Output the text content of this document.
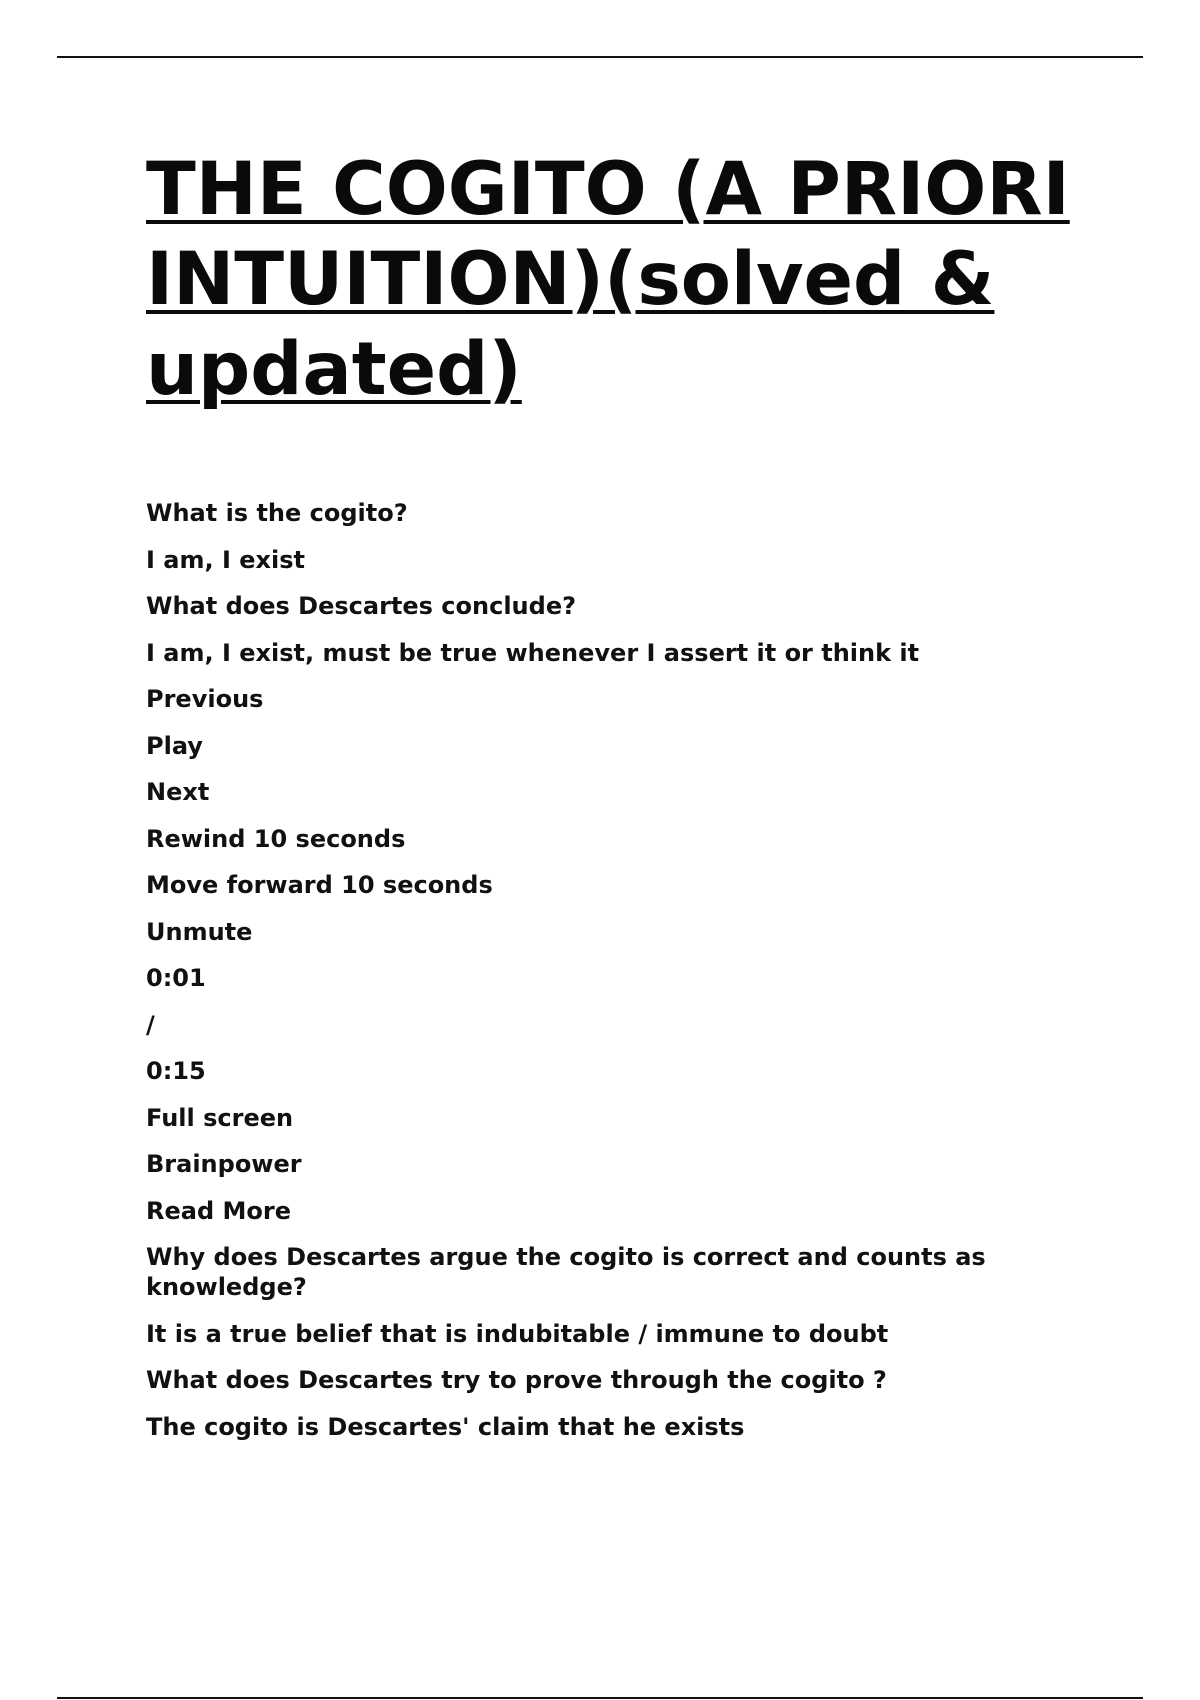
THE COGITO (A PRIORI INTUITION)(solved & updated)
What is the cogito?
I am, I exist
What does Descartes conclude?
I am, I exist, must be true whenever I assert it or think it
Previous
Play
Next
Rewind 10 seconds
Move forward 10 seconds
Unmute
0:01
/
0:15
Full screen
Brainpower
Read More
Why does Descartes argue the cogito is correct and counts as knowledge?
It is a true belief that is indubitable / immune to doubt
What does Descartes try to prove through the cogito ?
The cogito is Descartes' claim that he exists
